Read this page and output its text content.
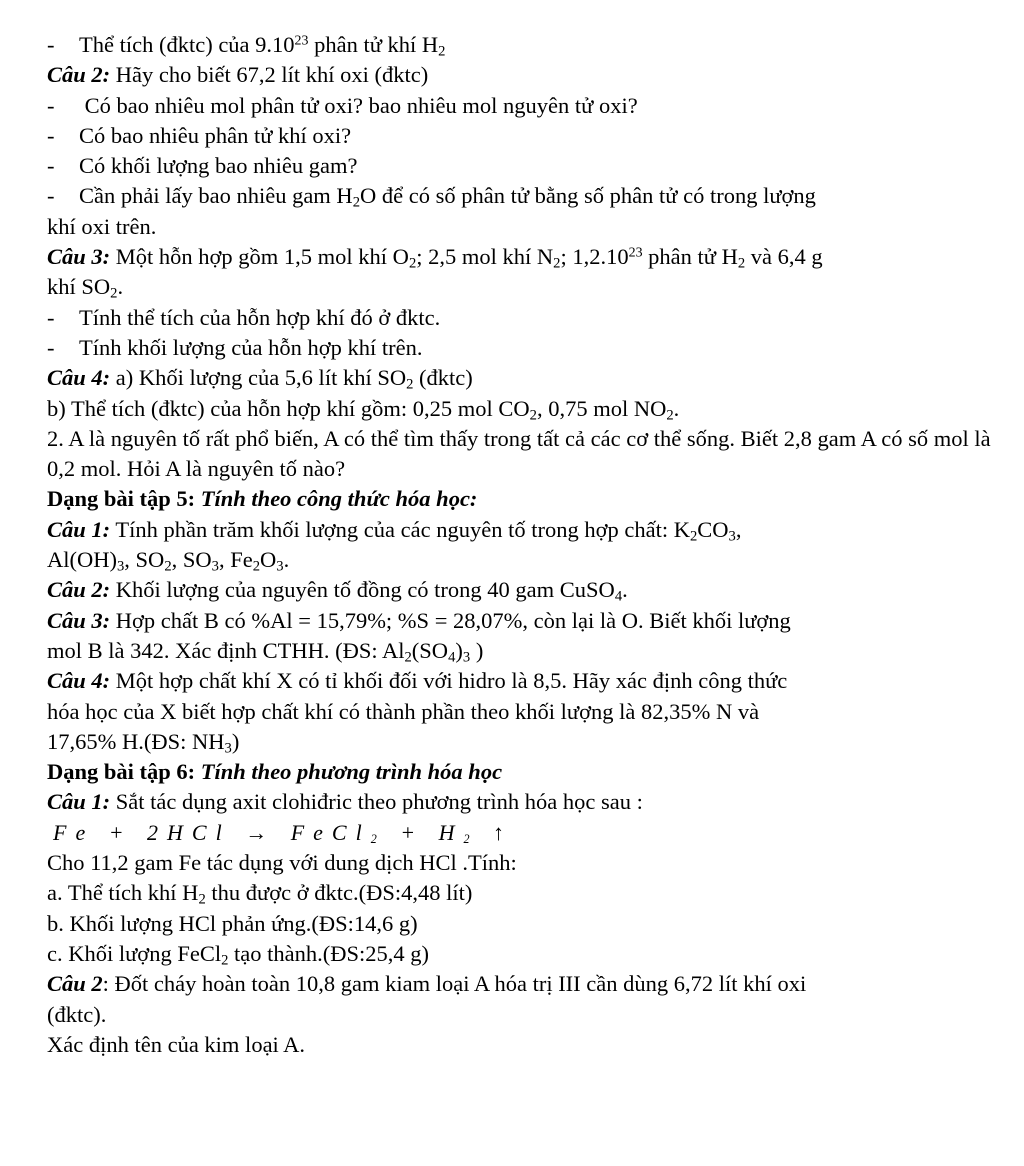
- Thể tích (đktc) của 9.10$^{23}$ phân tử khí $H_2$
Câu 2: Hãy cho biết 67,2 lít khí oxi (đktc)
- Có bao nhiêu mol phân tử oxi? bao nhiêu mol nguyên tử oxi?
- Có bao nhiêu phân tử khí oxi?
- Có khối lượng bao nhiêu gam?
- Cần phải lấy bao nhiêu gam $H_2O$ để có số phân tử bằng số phân tử có trong lượng
khí oxi trên.
Câu 3: Một hỗn hợp gồm 1,5 mol khí $O_2$; 2,5 mol khí $N_2$; 1,2.10$^{23}$ phân tử $H_2$ và 6,4 g
khí $SO_2$.
- Tính thể tích của hỗn hợp khí đó ở đktc.
- Tính khối lượng của hỗn hợp khí trên.
Câu 4: a) Khối lượng của 5,6 lít khí $SO_2$ (đktc)
b) Thể tích (đktc) của hỗn hợp khí gồm: 0,25 mol $CO_2$, 0,75 mol $NO_2$.
2. A là nguyên tố rất phổ biến, A có thể tìm thấy trong tất cả các cơ thể sống. Biết 2,8 gam A có số mol là 0,2 mol. Hỏi A là nguyên tố nào?
Dạng bài tập 5: Tính theo công thức hóa học:
Câu 1: Tính phần trăm khối lượng của các nguyên tố trong hợp chất: $K_2CO_3$,
$Al(OH)_3$, $SO_2$, $SO_3$, $Fe_2O_3$.
Câu 2: Khối lượng của nguyên tố đồng có trong 40 gam CuSO$_4$.
Câu 3: Hợp chất B có %Al = 15,79%; %S = 28,07%, còn lại là O. Biết khối lượng
mol B là 342. Xác định CTHH. (ĐS: $Al_2(SO_4)_3$ )
Câu 4: Một hợp chất khí X có tỉ khối đối với hidro là 8,5. Hãy xác định công thức
hóa học của X biết hợp chất khí có thành phần theo khối lượng là 82,35% N và
17,65% H.(ĐS: $NH_3$)
Dạng bài tập 6: Tính theo phương trình hóa học
Câu 1: Sắt tác dụng axit clohiđric theo phương trình hóa học sau :
Fe + 2HCl → FeCl$_2$ + $H_2$ ↑
Cho 11,2 gam Fe tác dụng với dung dịch HCl .Tính:
a. Thể tích khí $H_2$ thu được ở đktc.(ĐS:4,48 lít)
b. Khối lượng HCl phản ứng.(ĐS:14,6 g)
c. Khối lượng FeCl$_2$ tạo thành.(ĐS:25,4 g)
Câu 2: Đốt cháy hoàn toàn 10,8 gam kiam loại A hóa trị III cần dùng 6,72 lít khí oxi
(đktc).
Xác định tên của kim loại A.
